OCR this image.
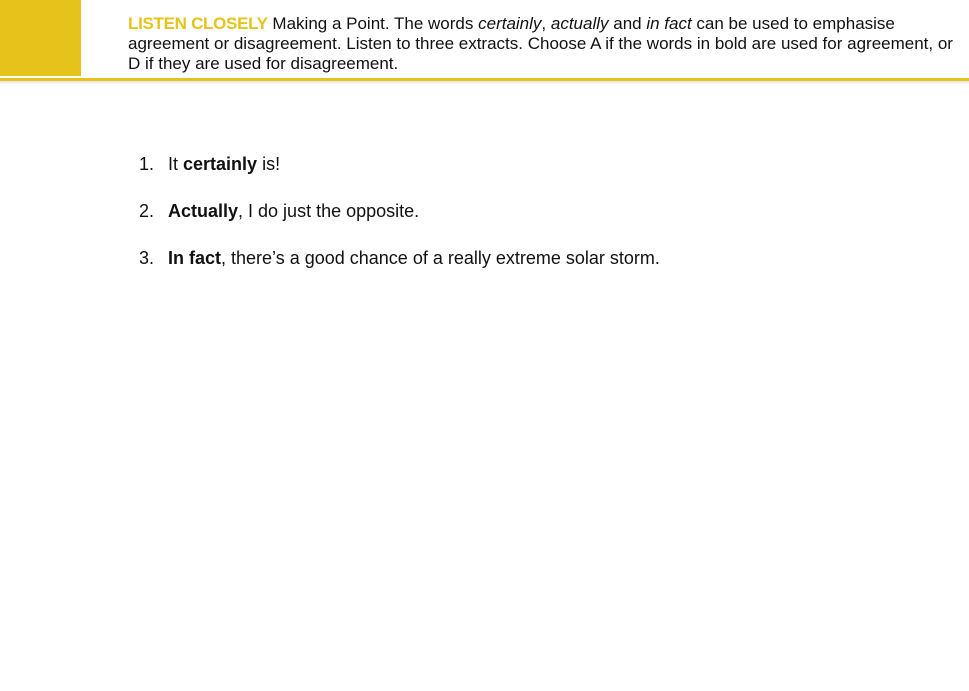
LISTEN CLOSELY Making a Point. The words certainly, actually and in fact can be used to emphasise agreement or disagreement. Listen to three extracts. Choose A if the words in bold are used for agreement, or D if they are used for disagreement.
1. It certainly is!
2. Actually, I do just the opposite.
3. In fact, there’s a good chance of a really extreme solar storm.
